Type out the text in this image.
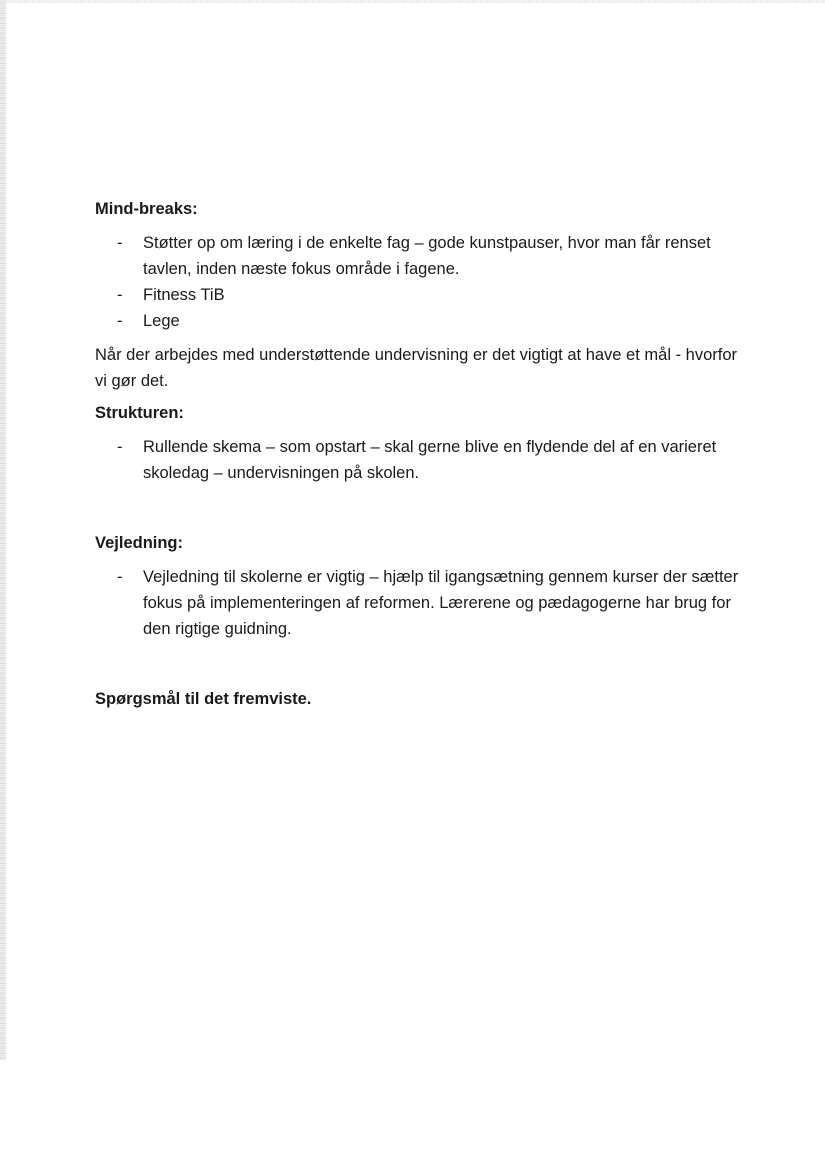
Mind-breaks:

- Støtter op om læring i de enkelte fag – gode kunstpauser, hvor man får renset tavlen, inden næste fokus område i fagene.
- Fitness TiB
- Lege

Når der arbejdes med understøttende undervisning er det vigtigt at have et mål - hvorfor vi gør det.

Strukturen:

- Rullende skema – som opstart – skal gerne blive en flydende del af en varieret skoledag – undervisningen på skolen.

Vejledning:

- Vejledning til skolerne er vigtig – hjælp til igangsætning gennem kurser der sætter fokus på implementeringen af reformen. Lærerene og pædagogerne har brug for den rigtige guidning.

Spørgsmål til det fremviste.
